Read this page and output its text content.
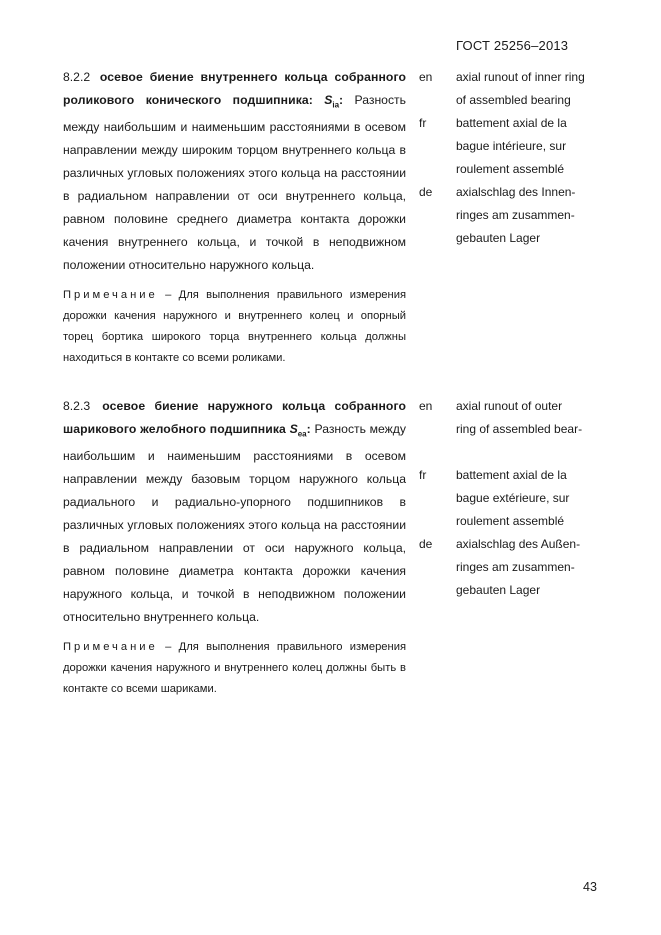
ГОСТ 25256–2013
8.2.2 осевое биение внутреннего кольца собранного роликового конического подшипника: $S_{ia}$: Разность между наибольшим и наименьшим расстояниями в осевом направлении между широким торцом внутреннего кольца в различных угловых положениях этого кольца на расстоянии в радиальном направлении от оси внутреннего кольца, равном половине среднего диаметра контакта дорожки качения внутреннего кольца, и точкой в неподвижном положении относительно наружного кольца.
Примечание – Для выполнения правильного измерения дорожки качения наружного и внутреннего колец и опорный торец бортика широкого торца внутреннего кольца должны находиться в контакте со всеми роликами.
en
fr
de
axial runout of inner ring
of assembled bearing
battement axial de la
bague intérieure, sur
roulement assemblé
axialschlag des Innen-
ringes am zusammen-
gebauten Lager
8.2.3 осевое биение наружного кольца собранного шарикового желобного подшипника $S_{ea}$: Разность между наибольшим и наименьшим расстояниями в осевом направлении между базовым торцом наружного кольца радиального и радиально-упорного подшипников в различных угловых положениях этого кольца на расстоянии в радиальном направлении от оси наружного кольца, равном половине диаметра контакта дорожки качения наружного кольца, и точкой в неподвижном положении относительно внутреннего кольца.
Примечание – Для выполнения правильного измерения дорожки качения наружного и внутреннего колец должны быть в контакте со всеми шариками.
en
fr
de
axial runout of outer
ring of assembled bear-
battement axial de la
bague extérieure, sur
roulement assemblé
axialschlag des Außen-
ringes am zusammen-
gebauten Lager
43
